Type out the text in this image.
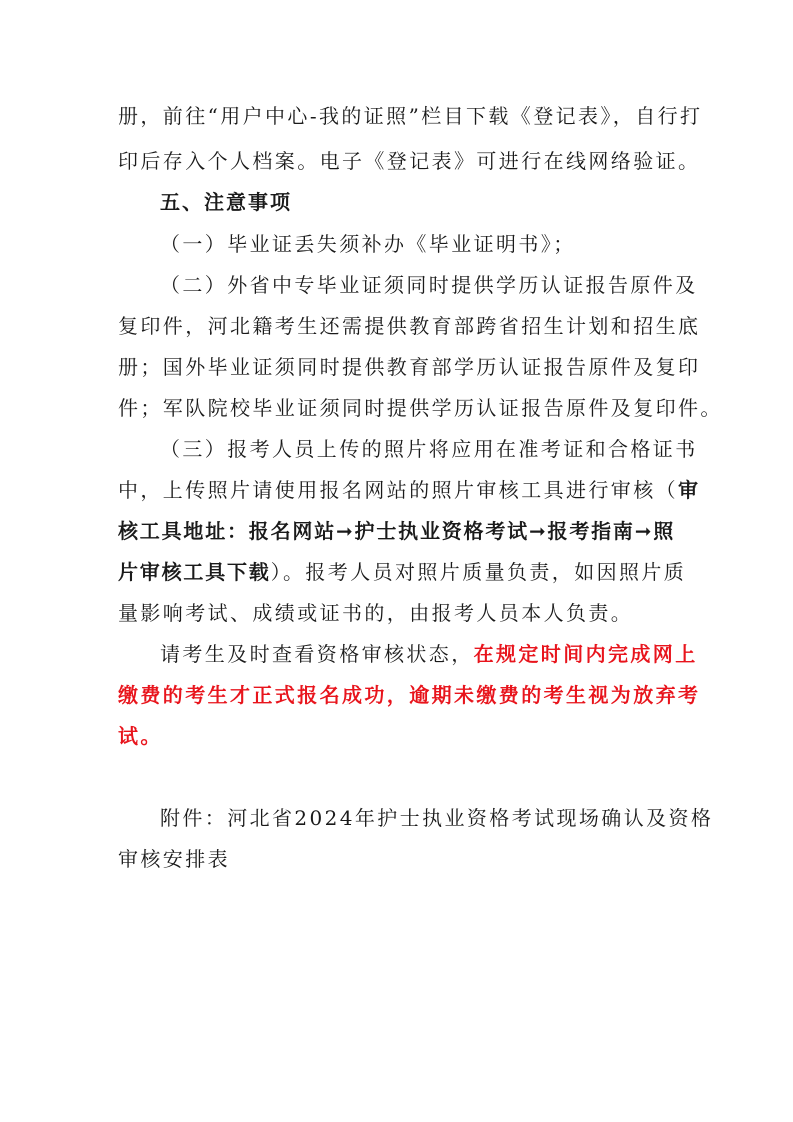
册，前往“用户中心-我的证照”栏目下载《登记表》，自行打
印后存入个人档案。电子《登记表》可进行在线网络验证。
五、注意事项
（一）毕业证丢失须补办《毕业证明书》；
（二）外省中专毕业证须同时提供学历认证报告原件及
复印件，河北籍考生还需提供教育部跨省招生计划和招生底
册；国外毕业证须同时提供教育部学历认证报告原件及复印
件；军队院校毕业证须同时提供学历认证报告原件及复印件。
（三）报考人员上传的照片将应用在准考证和合格证书
中，上传照片请使用报名网站的照片审核工具进行审核（审
核工具地址：报名网站➞护士执业资格考试➞报考指南➞照
片审核工具下载）。报考人员对照片质量负责，如因照片质
量影响考试、成绩或证书的，由报考人员本人负责。
请考生及时查看资格审核状态，在规定时间内完成网上
缴费的考生才正式报名成功，逾期未缴费的考生视为放弃考
试。
附件：河北省2024年护士执业资格考试现场确认及资格
审核安排表
